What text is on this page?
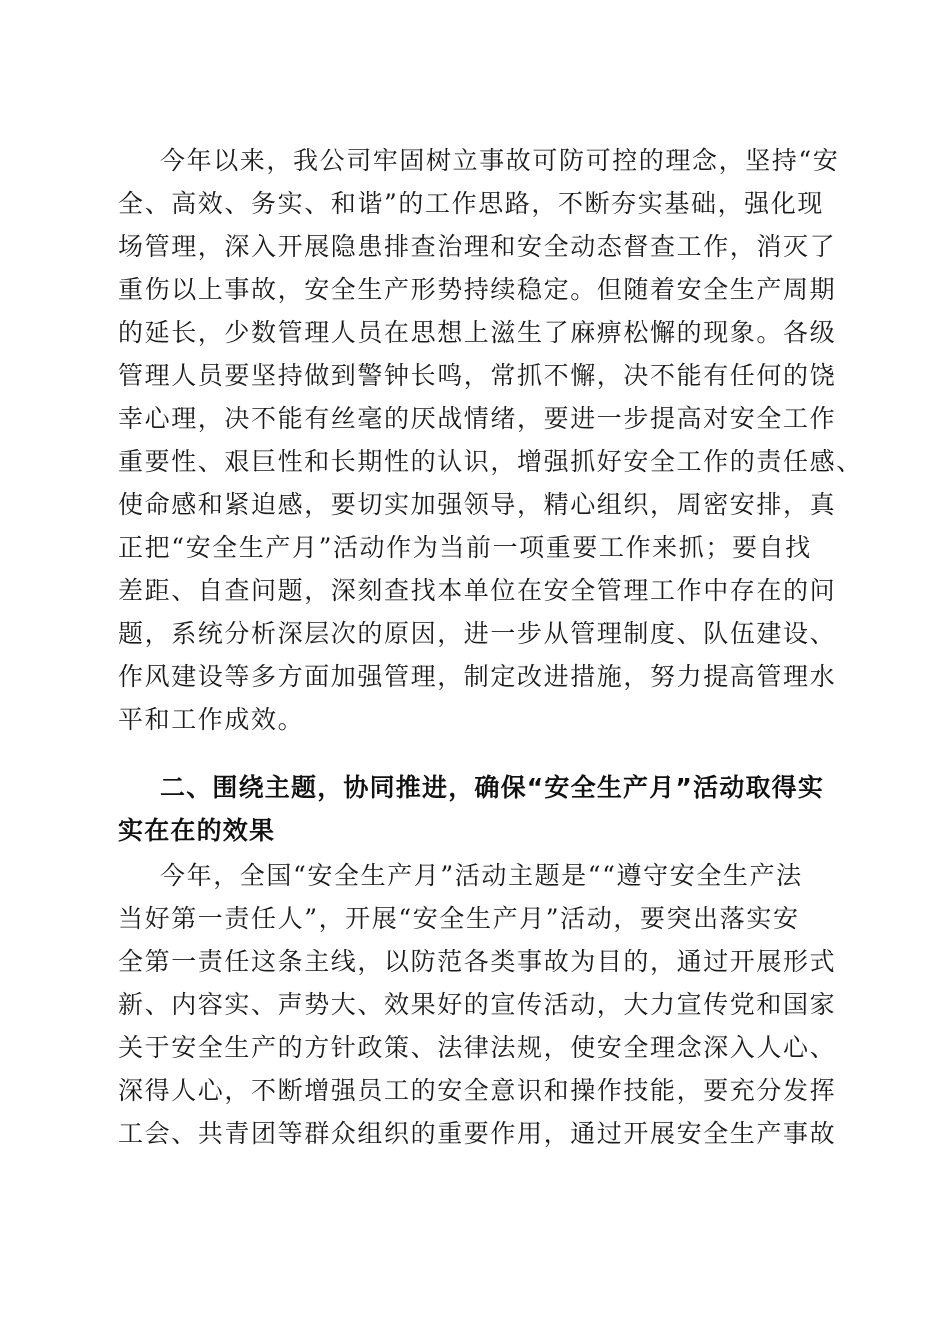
今年以来，我公司牢固树立事故可防可控的理念，坚持“安
全、高效、务实、和谐”的工作思路，不断夯实基础，强化现
场管理，深入开展隐患排查治理和安全动态督查工作，消灭了
重伤以上事故，安全生产形势持续稳定。但随着安全生产周期
的延长，少数管理人员在思想上滋生了麻痹松懈的现象。各级
管理人员要坚持做到警钟长鸣，常抓不懈，决不能有任何的饶
幸心理，决不能有丝毫的厌战情绪，要进一步提高对安全工作
重要性、艰巨性和长期性的认识，增强抓好安全工作的责任感、
使命感和紧迫感，要切实加强领导，精心组织，周密安排，真
正把“安全生产月”活动作为当前一项重要工作来抓；要自找
差距、自查问题，深刻查找本单位在安全管理工作中存在的问
题，系统分析深层次的原因，进一步从管理制度、队伍建设、
作风建设等多方面加强管理，制定改进措施，努力提高管理水
平和工作成效。
二、围绕主题，协同推进，确保“安全生产月”活动取得实
实在在的效果
今年，全国“安全生产月”活动主题是““遵守安全生产法
当好第一责任人”，开展“安全生产月”活动，要突出落实安
全第一责任这条主线，以防范各类事故为目的，通过开展形式
新、内容实、声势大、效果好的宣传活动，大力宣传党和国家
关于安全生产的方针政策、法律法规，使安全理念深入人心、
深得人心，不断增强员工的安全意识和操作技能，要充分发挥
工会、共青团等群众组织的重要作用，通过开展安全生产事故
